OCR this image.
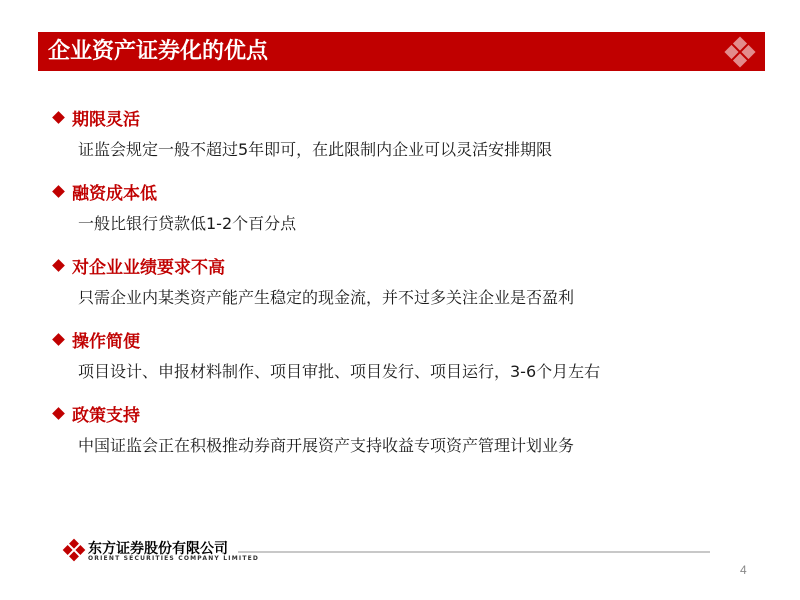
企业资产证券化的优点
期限灵活
证监会规定一般不超过5年即可，在此限制内企业可以灵活安排期限
融资成本低
一般比银行贷款低1-2个百分点
对企业业绩要求不高
只需企业内某类资产能产生稳定的现金流，并不过多关注企业是否盈利
操作简便
项目设计、申报材料制作、项目审批、项目发行、项目运行，3-6个月左右
政策支持
中国证监会正在积极推动券商开展资产支持收益专项资产管理计划业务
东方证券股份有限公司
ORIENT SECURITIES COMPANY LIMITED
4
